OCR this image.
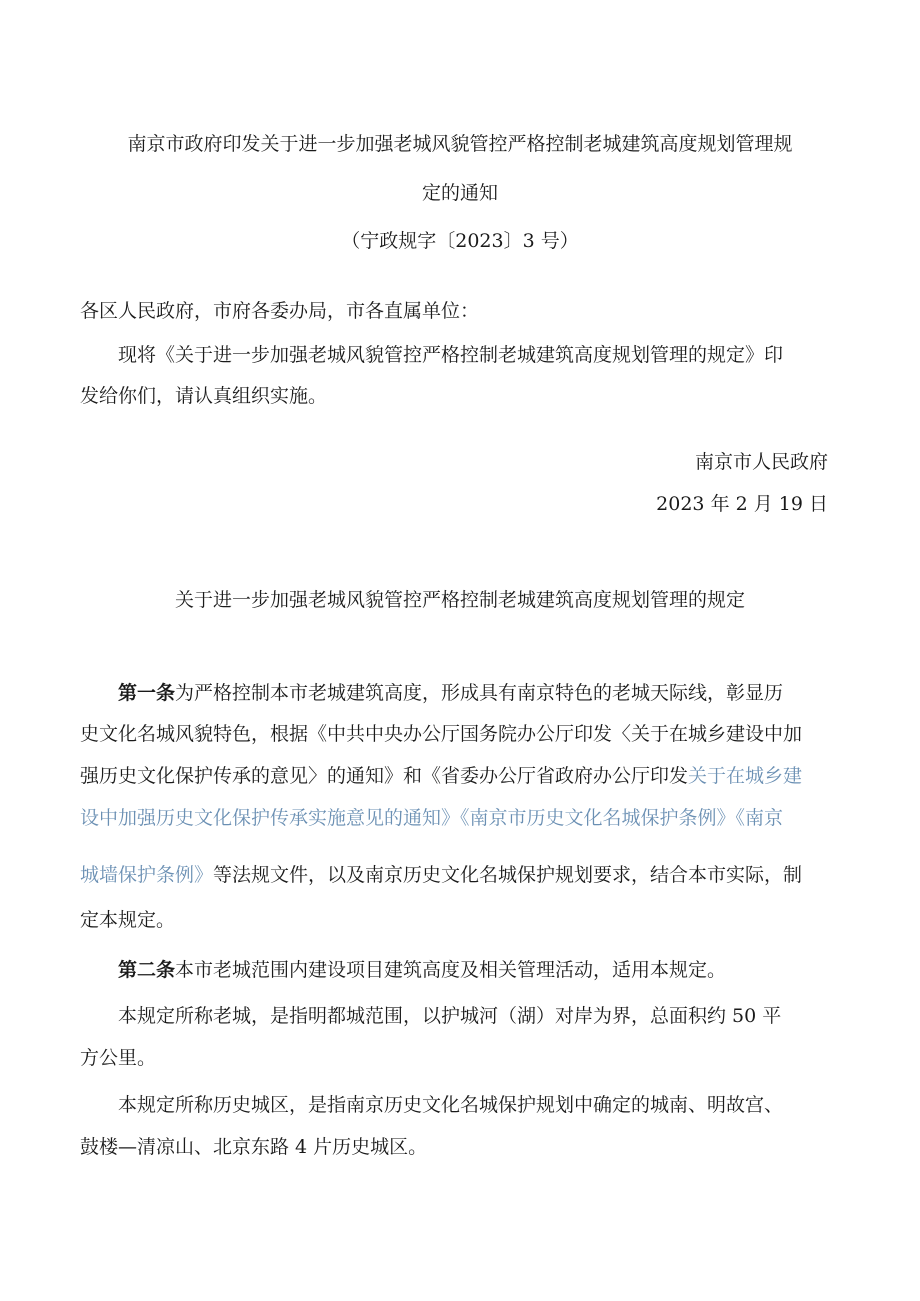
南京市政府印发关于进一步加强老城风貌管控严格控制老城建筑高度规划管理规

定的通知

（宁政规字〔2023〕3 号）

各区人民政府，市府各委办局，市各直属单位：

现将《关于进一步加强老城风貌管控严格控制老城建筑高度规划管理的规定》印

发给你们，请认真组织实施。

南京市人民政府

2023 年 2 月 19 日

关于进一步加强老城风貌管控严格控制老城建筑高度规划管理的规定

第一条为严格控制本市老城建筑高度，形成具有南京特色的老城天际线，彰显历

史文化名城风貌特色，根据《中共中央办公厅国务院办公厅印发〈关于在城乡建设中加

强历史文化保护传承的意见〉的通知》和《省委办公厅省政府办公厅印发关于在城乡建

设中加强历史文化保护传承实施意见的通知》《南京市历史文化名城保护条例》《南京

城墙保护条例》等法规文件，以及南京历史文化名城保护规划要求，结合本市实际，制

定本规定。

第二条本市老城范围内建设项目建筑高度及相关管理活动，适用本规定。

本规定所称老城，是指明都城范围，以护城河（湖）对岸为界，总面积约 50 平

方公里。

本规定所称历史城区，是指南京历史文化名城保护规划中确定的城南、明故宫、

鼓楼—清凉山、北京东路 4 片历史城区。
